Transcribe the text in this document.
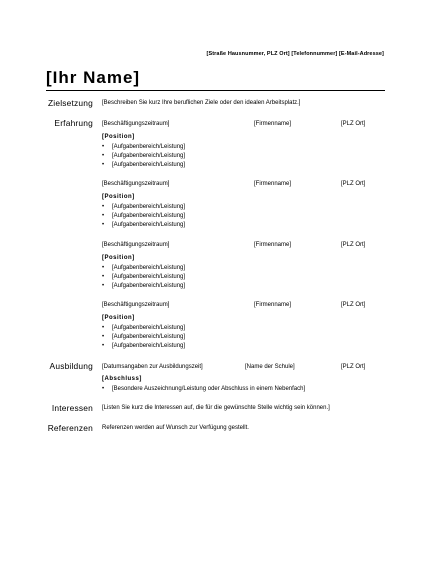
[Straße Hausnummer, PLZ Ort] [Telefonnummer] [E-Mail-Adresse]
[Ihr Name]
Zielsetzung [Beschreiben Sie kurz Ihre beruflichen Ziele oder den idealen Arbeitsplatz.]
Erfahrung [Beschäftigungszeitraum]	[Firmenname]	[PLZ Ort]
[Position]
• [Aufgabenbereich/Leistung]
• [Aufgabenbereich/Leistung]
• [Aufgabenbereich/Leistung]
[Beschäftigungszeitraum]	[Firmenname]	[PLZ Ort]
[Position]
• [Aufgabenbereich/Leistung]
• [Aufgabenbereich/Leistung]
• [Aufgabenbereich/Leistung]
[Beschäftigungszeitraum]	[Firmenname]	[PLZ Ort]
[Position]
• [Aufgabenbereich/Leistung]
• [Aufgabenbereich/Leistung]
• [Aufgabenbereich/Leistung]
[Beschäftigungszeitraum]	[Firmenname]	[PLZ Ort]
[Position]
• [Aufgabenbereich/Leistung]
• [Aufgabenbereich/Leistung]
• [Aufgabenbereich/Leistung]
Ausbildung [Datumsangaben zur Ausbildungszeit]	[Name der Schule]	[PLZ Ort]
[Abschluss]
• [Besondere Auszeichnung/Leistung oder Abschluss in einem Nebenfach]
Interessen [Listen Sie kurz die Interessen auf, die für die gewünschte Stelle wichtig sein können.]
Referenzen Referenzen werden auf Wunsch zur Verfügung gestellt.
